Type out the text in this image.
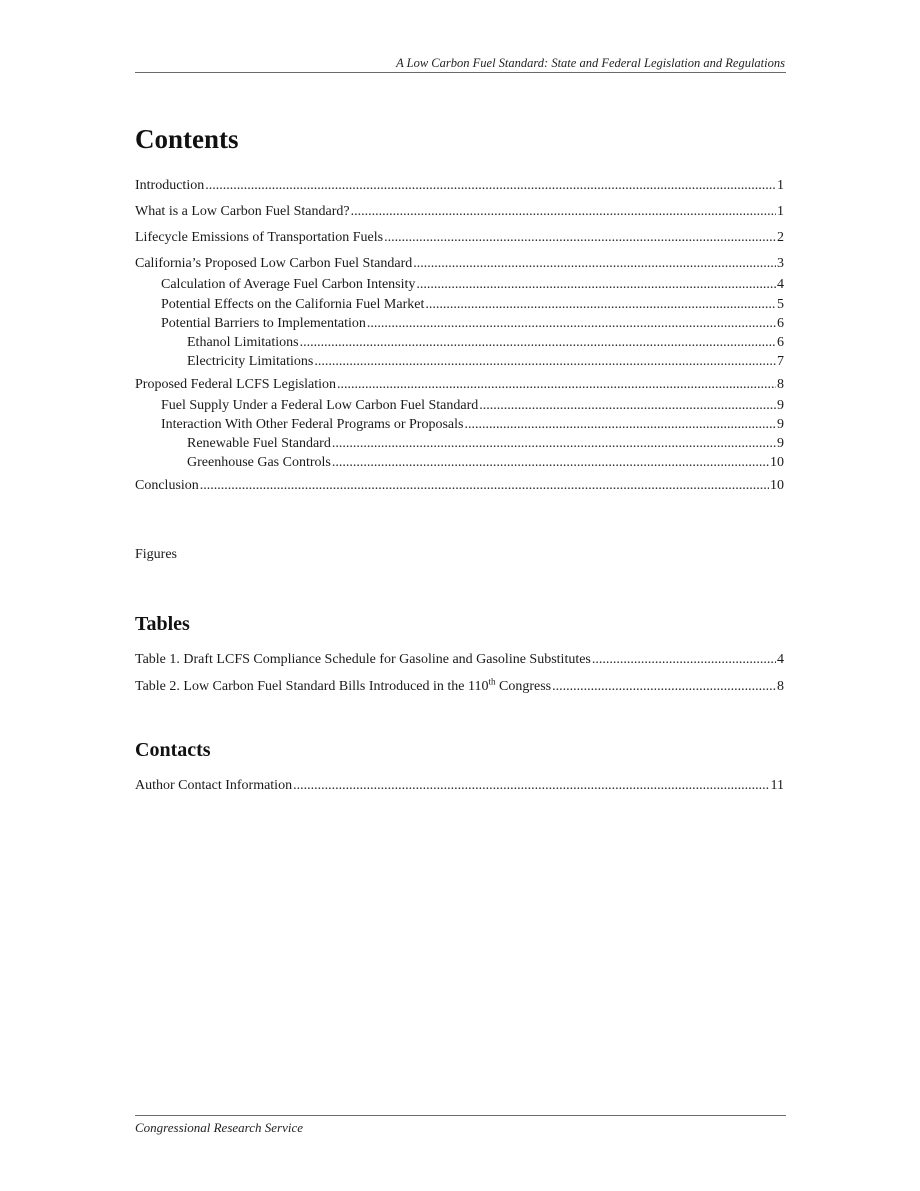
A Low Carbon Fuel Standard: State and Federal Legislation and Regulations
Contents
Introduction .....	1
What is a Low Carbon Fuel Standard? .....	1
Lifecycle Emissions of Transportation Fuels .....	2
California’s Proposed Low Carbon Fuel Standard .....	3
Calculation of Average Fuel Carbon Intensity .....	4
Potential Effects on the California Fuel Market .....	5
Potential Barriers to Implementation .....	6
Ethanol Limitations .....	6
Electricity Limitations .....	7
Proposed Federal LCFS Legislation .....	8
Fuel Supply Under a Federal Low Carbon Fuel Standard .....	9
Interaction With Other Federal Programs or Proposals .....	9
Renewable Fuel Standard .....	9
Greenhouse Gas Controls .....	10
Conclusion .....	10
Table 1. Draft LCFS Compliance Schedule for Gasoline and Gasoline Substitutes .....	4
Table 2. Low Carbon Fuel Standard Bills Introduced in the 110th Congress .....	8
Author Contact Information .....	11
Figures
Tables
Contacts
Congressional Research Service
